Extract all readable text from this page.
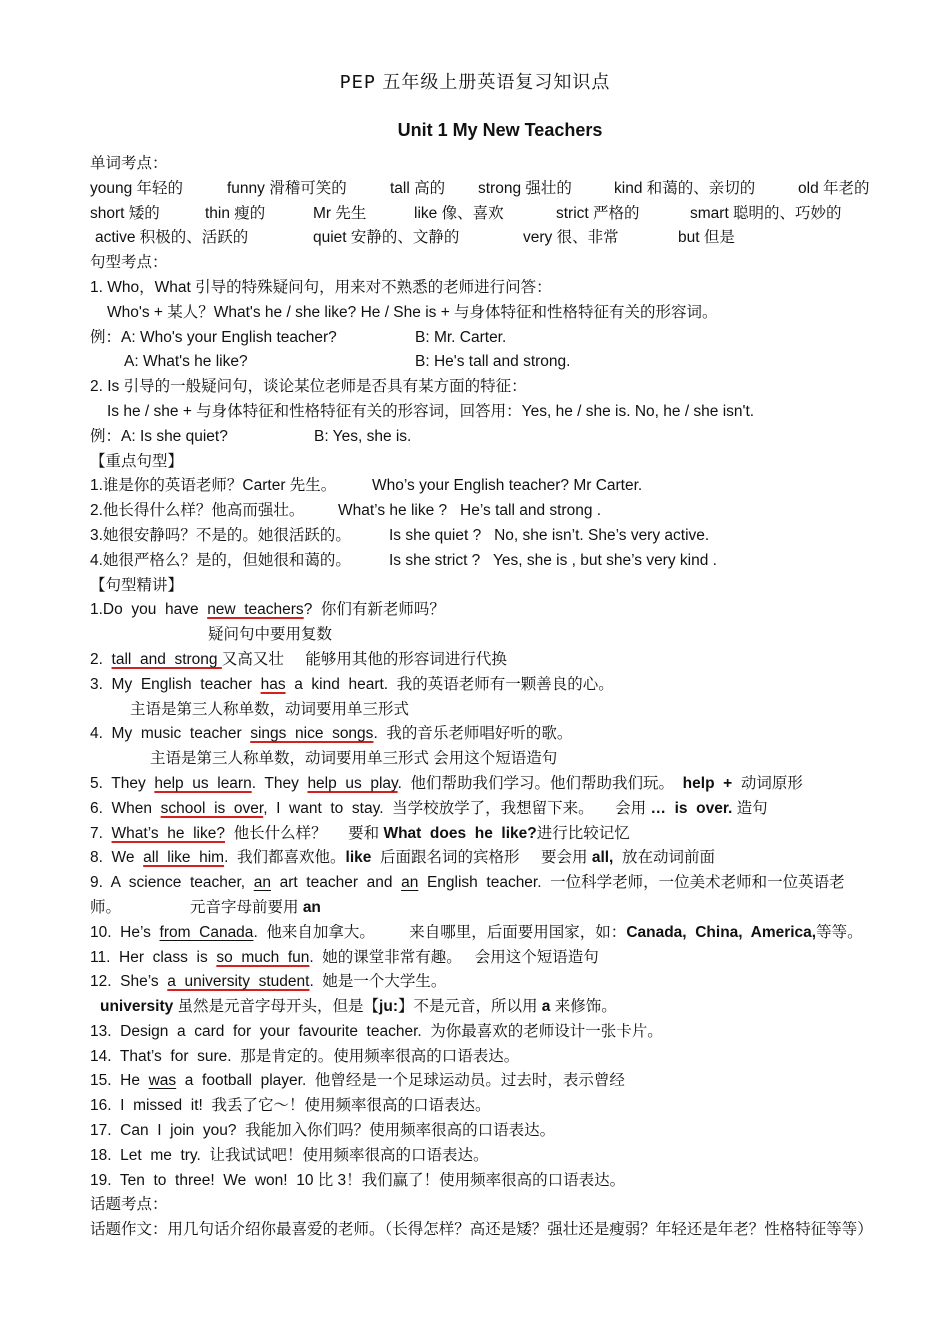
PEP 五年级上册英语复习知识点
Unit 1 My New Teachers
单词考点：
young 年轻的	funny 滑稽可笑的	tall 高的 strong 强壮的	kind 和蔼的、亲切的	old 年老的
short 矮的	thin 瘦的	Mr 先生	like 像、喜欢	strict 严格的	smart 聪明的、巧妙的
active 积极的、活跃的	quiet 安静的、文静的	very 很、非常	but 但是
句型考点：
1. Who，What 引导的特殊疑问句，用来对不熟悉的老师进行问答：
Who's + 某人？What's he / she like? He / She is + 与身体特征和性格特征有关的形容词。
例：A: Who's your English teacher?	B: Mr. Carter.
A: What's he like?	B: He's tall and strong.
2. Is 引导的一般疑问句，谈论某位老师是否具有某方面的特征：
Is he / she + 与身体特征和性格特征有关的形容词，回答用：Yes, he / she is. No, he / she isn't.
例：A: Is she quiet?	B: Yes, she is.
【重点句型】
1.谁是你的英语老师？Carter 先生。 Who’s your English teacher? Mr Carter.
2.他长得什么样？他高而强壮。 What’s he like ?   He’s tall and strong .
3.她很安静吗？不是的。她很活跃的。 Is she quiet ?   No, she isn’t. She’s very active.
4.她很严格么？是的，但她很和蔼的。 Is she strict ?   Yes, she is , but she’s very kind .
【句型精讲】
1.Do  you  have  new  teachers?  你们有新老师吗？
疑问句中要用复数
2.  tall  and  strong 又高又壮     能够用其他的形容词进行代换
3.  My  English  teacher  has  a  kind  heart.  我的英语老师有一颗善良的心。
主语是第三人称单数，动词要用单三形式
4.  My  music  teacher  sings  nice  songs.  我的音乐老师唱好听的歌。
主语是第三人称单数，动词要用单三形式 会用这个短语造句
5.  They  help  us  learn.  They  help  us  play.  他们帮助我们学习。他们帮助我们玩。  help  +  动词原形
6.  When  school  is  over,  I  want  to  stay.  当学校放学了，我想留下来。     会用 …  is  over. 造句
7.  What’s  he  like?  他长什么样？     要和 What  does  he  like?进行比较记忆
8.  We  all  like  him.  我们都喜欢他。like  后面跟名词的宾格形     要会用 all,  放在动词前面
9.  A  science  teacher,  an  art  teacher  and  an  English  teacher.  一位科学老师，一位美术老师和一位英语老
师。	元音字母前要用 an
10.  He’s  from  Canada.  他来自加拿大。        来自哪里，后面要用国家，如：Canada,  China,  America,等等。
11.  Her  class  is  so  much  fun.  她的课堂非常有趣。   会用这个短语造句
12.  She’s  a  university  student.  她是一个大学生。
university 虽然是元音字母开头，但是【ju:】不是元音，所以用 a 来修饰。
13.  Design  a  card  for  your  favourite  teacher.  为你最喜欢的老师设计一张卡片。
14.  That’s  for  sure.  那是肯定的。使用频率很高的口语表达。
15.  He  was  a  football  player.  他曾经是一个足球运动员。过去时，表示曾经
16.  I  missed  it!  我丢了它～！使用频率很高的口语表达。
17.  Can  I  join  you?  我能加入你们吗？使用频率很高的口语表达。
18.  Let  me  try.  让我试试吧！使用频率很高的口语表达。
19.  Ten  to  three!  We  won!  10 比 3！我们赢了！使用频率很高的口语表达。
话题考点：
话题作文：用几句话介绍你最喜爱的老师。（长得怎样？高还是矮？强壮还是瘦弱？年轻还是年老？性格特征等等）
